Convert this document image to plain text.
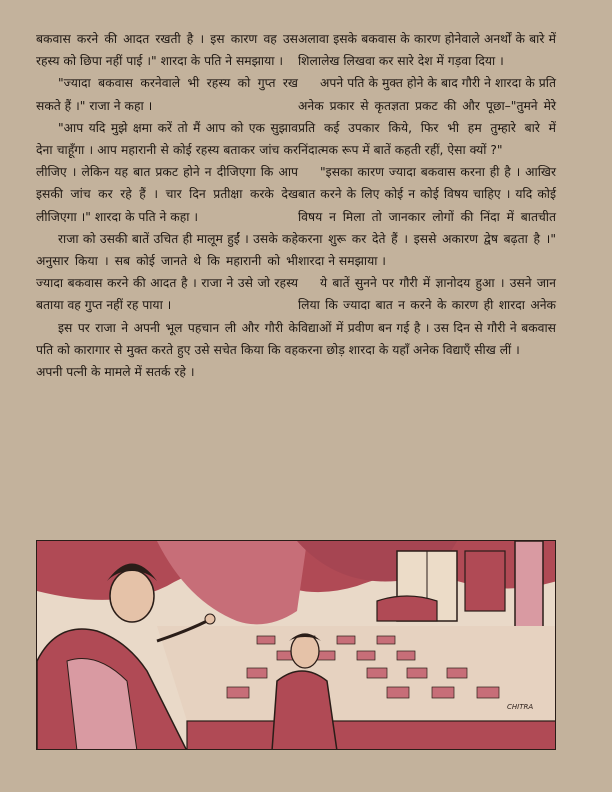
बकवास करने की आदत रखती है । इस कारण वह उस रहस्य को छिपा नहीं पाई ।" शारदा के पति ने समझाया ।

"ज्यादा बकवास करनेवाले भी रहस्य को गुप्त रख सकते हैं ।" राजा ने कहा ।

"आप यदि मुझे क्षमा करें तो मैं आप को एक सुझाव देना चाहूँगा । आप महारानी से कोई रहस्य बताकर जांच कर लीजिए । लेकिन यह बात प्रकट होने न दीजिएगा कि आप इसकी जांच कर रहे हैं । चार दिन प्रतीक्षा करके देख लीजिएगा ।" शारदा के पति ने कहा ।

राजा को उसकी बातें उचित ही मालूम हुईं । उसके कहे अनुसार किया । सब कोई जानते थे कि महारानी को भी ज्यादा बकवास करने की आदत है । राजा ने उसे जो रहस्य बताया वह गुप्त नहीं रह पाया ।

इस पर राजा ने अपनी भूल पहचान ली और गौरी के पति को कारागार से मुक्त करते हुए उसे सचेत किया कि वह अपनी पत्नी के मामले में सतर्क रहे ।

अलावा इसके बकवास के कारण होनेवाले अनर्थों के बारे में शिलालेख लिखवा कर सारे देश में गड़वा दिया ।

अपने पति के मुक्त होने के बाद गौरी ने शारदा के प्रति अनेक प्रकार से कृतज्ञता प्रकट की और पूछा–"तुमने मेरे प्रति कई उपकार किये, फिर भी हम तुम्हारे बारे में निंदात्मक रूप में बातें कहती रहीं, ऐसा क्यों ?"

"इसका कारण ज्यादा बकवास करना ही है । आखिर बात करने के लिए कोई न कोई विषय चाहिए । यदि कोई विषय न मिला तो जानकार लोगों की निंदा में बातचीत करना शुरू कर देते हैं । इससे अकारण द्वेष बढ़ता है ।" शारदा ने समझाया ।

ये बातें सुनने पर गौरी में ज्ञानोदय हुआ । उसने जान लिया कि ज्यादा बात न करने के कारण ही शारदा अनेक विद्याओं में प्रवीण बन गई है । उस दिन से गौरी ने बकवास करना छोड़ शारदा के यहाँ अनेक विद्याएँ सीख लीं ।

CHITRA
